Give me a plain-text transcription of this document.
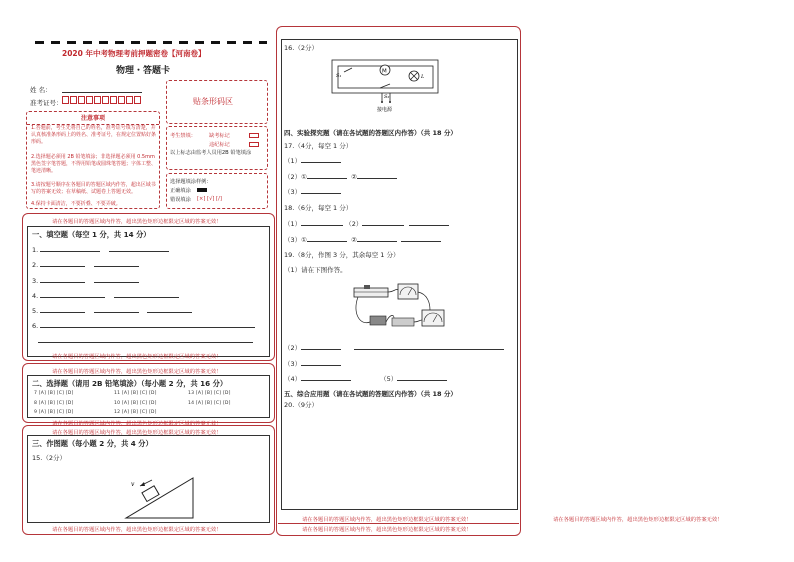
2020 年中考物理考前押题密卷【河南卷】
物理・答题卡
姓 名：
准考证号：	贴条形码区
注意事项
1.答题前，考生先将自己的姓名，准考证号填写清楚，并认真核准条形码上的姓名、准考证号，在规定位置贴好条形码。
2.选择题必须用 2B 铅笔填涂；非选择题必须用 0.5mm 黑色签字笔答题，不得用铅笔或圆珠笔答题；字体工整、笔迹清晰。
3.请按题号顺序在各题目的答题区域内作答，超出区域书写的答案无效；在草稿纸、试题卷上答题无效。
4.保持卡面清洁，不要折叠、不要弄破。
考生禁填：	缺考标记
违纪标记
以上标志由监考人员用2B 铅笔填涂
选择题填涂样例：
正确填涂
错误填涂 [×] [√] [/]
请在各题目的答题区域内作答，超出黑色矩形边框限定区域的答案无效！
一、填空题（每空 1 分，共 14 分）
1.
2.
3.
4.
5.
6.
请在各题目的答题区域内作答，超出黑色矩形边框限定区域的答案无效！
请在各题目的答题区域内作答，超出黑色矩形边框限定区域的答案无效！
二、选择题（请用 2B 铅笔填涂）（每小题 2 分，共 16 分）
7 [A] [B] [C] [D]	11 [A] [B] [C] [D]	13 [A] [B] [C] [D]
8 [A] [B] [C] [D]	10 [A] [B] [C] [D]	14 [A] [B] [C] [D]
9 [A] [B] [C] [D]	12 [A] [B] [C] [D]
请在各题目的答题区域内作答，超出黑色矩形边框限定区域的答案无效！
请在各题目的答题区域内作答，超出黑色矩形边框限定区域的答案无效！
三、作图题（每小题 2 分，共 4 分）
15.（2分）
v
请在各题目的答题区域内作答，超出黑色矩形边框限定区域的答案无效！
16.（2分）
M
L
S₁
S₂
接电源
四、实验探究题（请在各试题的答题区内作答）（共 18 分）
17.（4分，每空 1 分）
（1）
（2）①	②
（3）
18.（6分，每空 1 分）
（1）	（2）
（3）①	②
19.（8分，作图 3 分，其余每空 1 分）
（1）请在下图作答。
（2）
（3）
（4）	（5）
五、综合应用题（请在各试题的答题区内作答）（共 18 分）
20.（9分）
请在各题目的答题区域内作答，超出黑色矩形边框限定区域的答案无效！
请在各题目的答题区域内作答，超出黑色矩形边框限定区域的答案无效！
请在各题目的答题区域内作答，超出黑色矩形边框限定区域的答案无效！
